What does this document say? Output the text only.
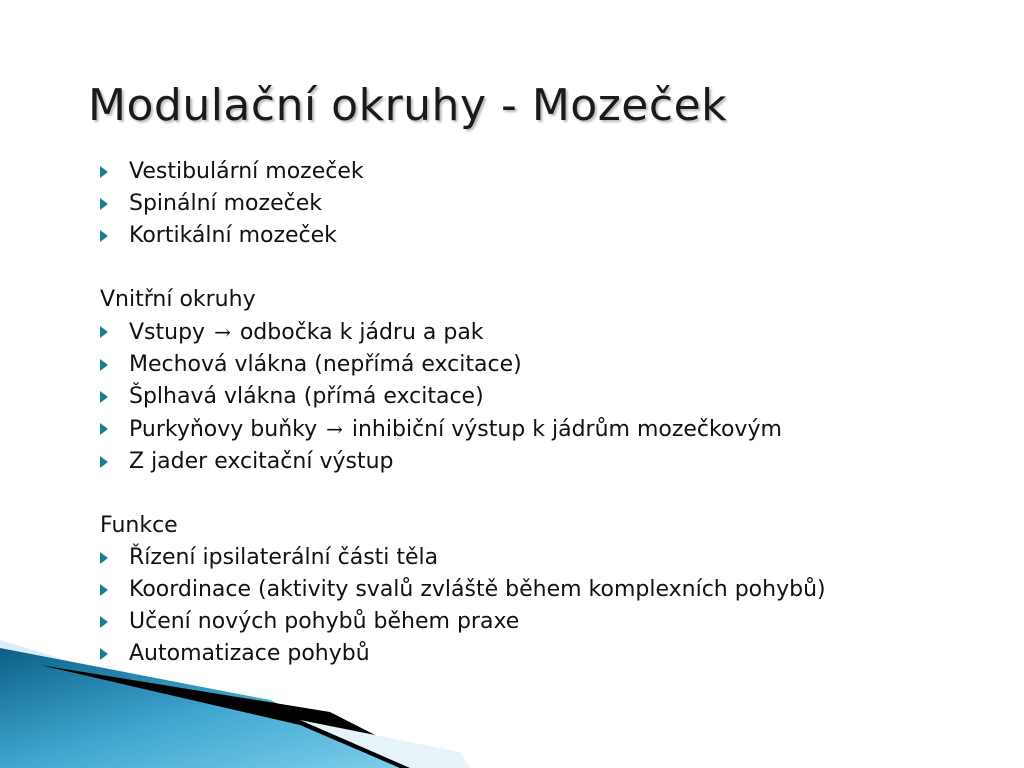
Modulační okruhy - Mozeček
Vestibulární mozeček
Spinální mozeček
Kortikální mozeček
Vnitřní okruhy
Vstupy → odbočka k jádru a pak
Mechová vlákna (nepřímá excitace)
Šplhavá vlákna (přímá excitace)
Purkyňovy buňky → inhibiční výstup k jádrům mozečkovým
Z jader excitační výstup
Funkce
Řízení ipsilaterální části těla
Koordinace (aktivity svalů zvláště během komplexních pohybů)
Učení nových pohybů během praxe
Automatizace pohybů
